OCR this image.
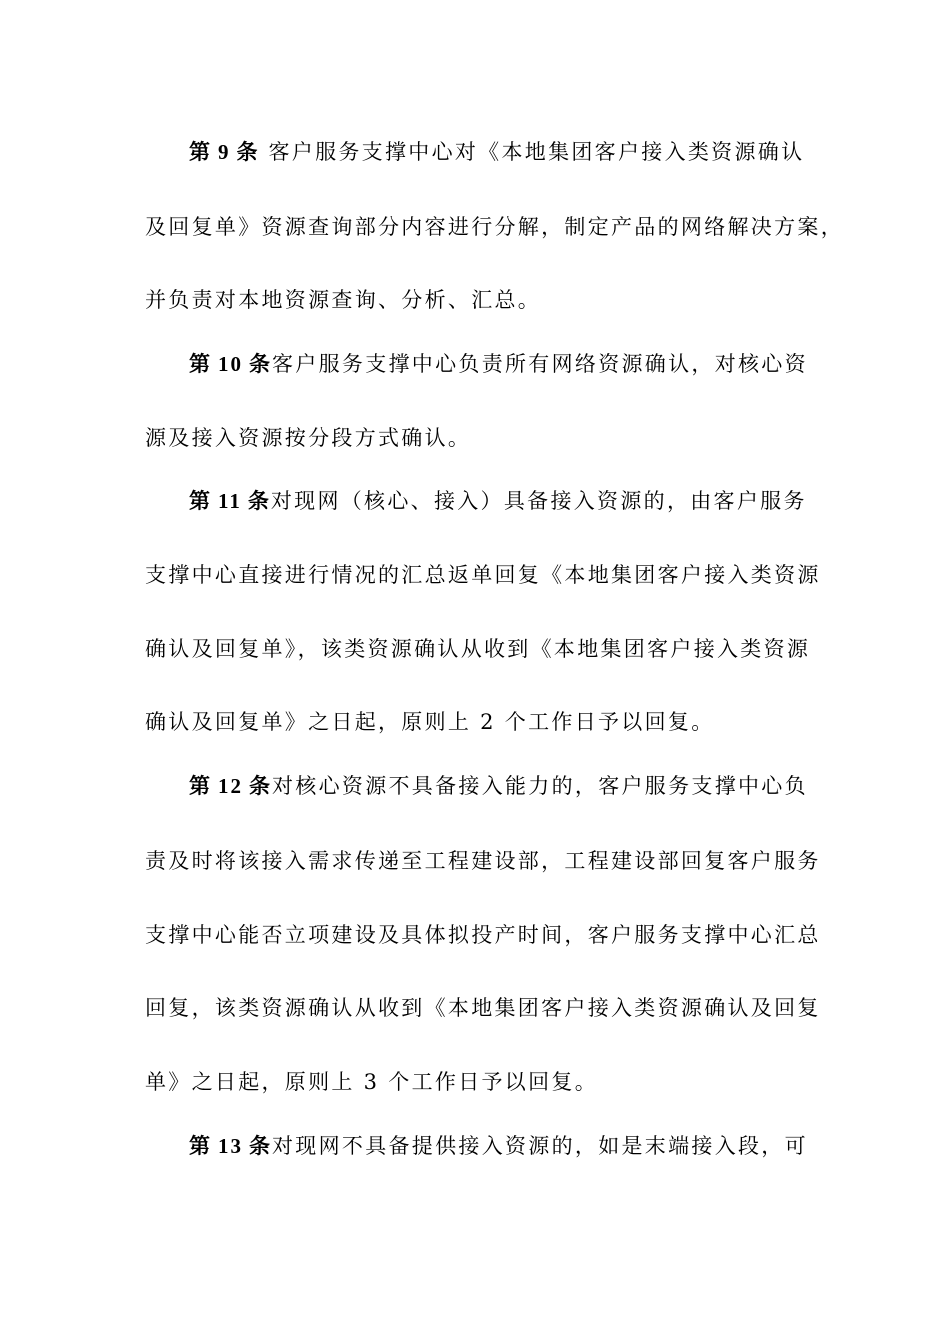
第 9 条 客户服务支撑中心对《本地集团客户接入类资源确认
及回复单》资源查询部分内容进行分解，制定产品的网络解决方案，
并负责对本地资源查询、分析、汇总。
第 10 条客户服务支撑中心负责所有网络资源确认，对核心资
源及接入资源按分段方式确认。
第 11 条对现网（核心、接入）具备接入资源的，由客户服务
支撑中心直接进行情况的汇总返单回复《本地集团客户接入类资源
确认及回复单》，该类资源确认从收到《本地集团客户接入类资源
确认及回复单》之日起，原则上 2 个工作日予以回复。
第 12 条对核心资源不具备接入能力的，客户服务支撑中心负
责及时将该接入需求传递至工程建设部，工程建设部回复客户服务
支撑中心能否立项建设及具体拟投产时间，客户服务支撑中心汇总
回复，该类资源确认从收到《本地集团客户接入类资源确认及回复
单》之日起，原则上 3 个工作日予以回复。
第 13 条对现网不具备提供接入资源的，如是末端接入段，可
